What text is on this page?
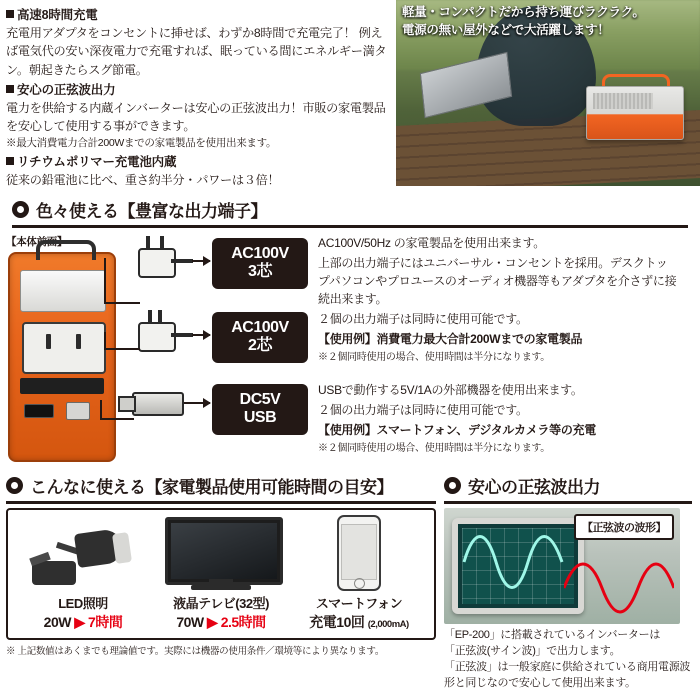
高速8時間充電
充電用アダプタをコンセントに挿せば、わずか8時間で充電完了！ 例えば電気代の安い深夜電力で充電すれば、眠っている間にエネルギー満タン。朝起きたらスグ節電。
安心の正弦波出力
電力を供給する内蔵インバーターは安心の正弦波出力！市販の家電製品を安心して使用する事ができます。
※最大消費電力合計200Wまでの家電製品を使用出来ます。
リチウムポリマー充電池内蔵
従来の鉛電池に比べ、重さ約半分・パワーは３倍！
軽量・コンパクトだから持ち運びラクラク。
電源の無い屋外などで大活躍します！
色々使える【豊富な出力端子】
【本体前面】
AC100V
3芯
AC100V
2芯
DC5V
USB

AC100V/50Hz の家電製品を使用出来ます。

上部の出力端子にはユニバーサル・コンセントを採用。デスクトップパソコンやプロユースのオーディオ機器等もアダプタを介さずに接続出来ます。

２個の出力端子は同時に使用可能です。

【使用例】消費電力最大合計200Wまでの家電製品

※２個同時使用の場合、使用時間は半分になります。

USBで動作する5V/1Aの外部機器を使用出来ます。

２個の出力端子は同時に使用可能です。

【使用例】スマートフォン、デジタルカメラ等の充電

※２個同時使用の場合、使用時間は半分になります。

こんなに使える【家電製品使用可能時間の目安】
LED照明
20W ▶ 7時間
液晶テレビ(32型)
70W ▶ 2.5時間
スマートフォン
充電10回 (2,000mA)
※ 上記数値はあくまでも理論値です。実際には機器の使用条件／環境等により異なります。
安心の正弦波出力
【正弦波の波形】
「EP-200」に搭載されているインバーターは
「正弦波(サイン波)」で出力します。
「正弦波」は一般家庭に供給されている商用電源波形と同じなので安心して使用出来ます。
